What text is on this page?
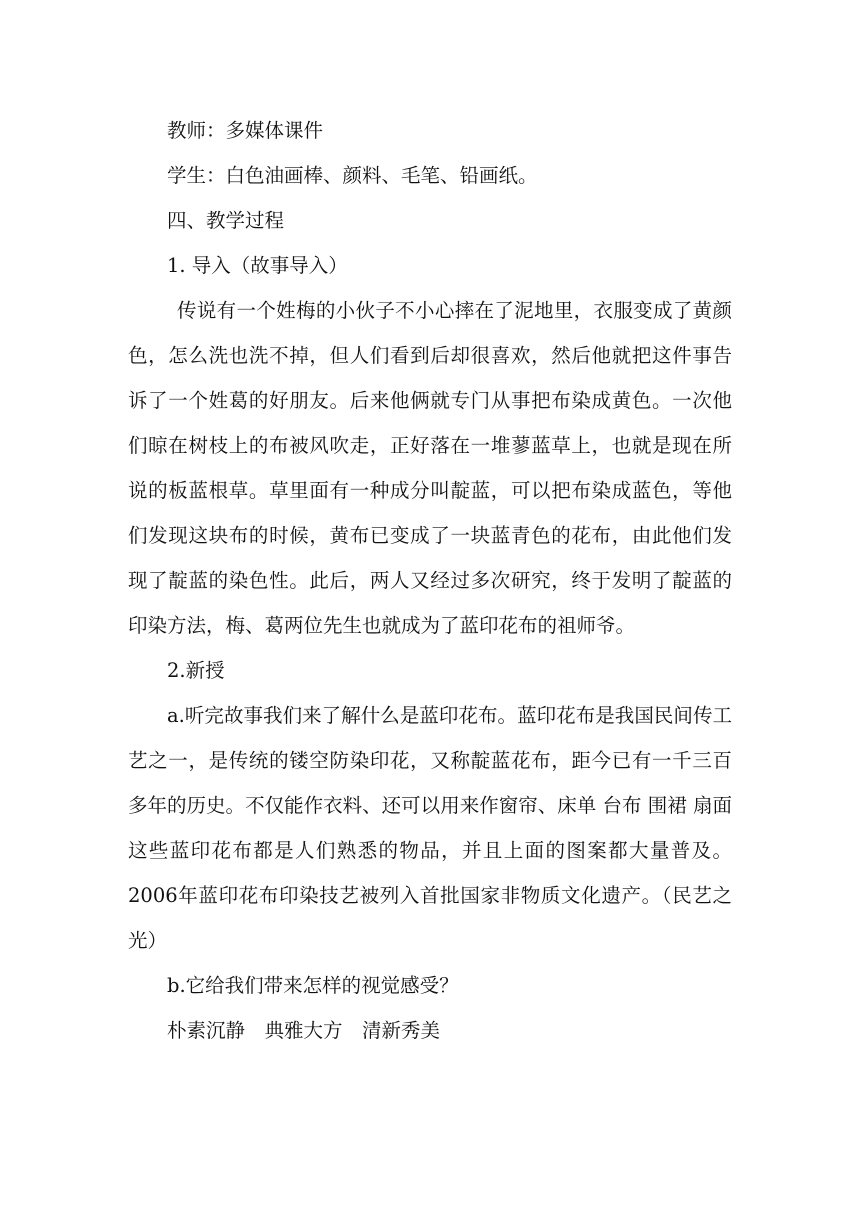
教师：多媒体课件
学生：白色油画棒、颜料、毛笔、铅画纸。
四、教学过程
1. 导入（故事导入）
传说有一个姓梅的小伙子不小心摔在了泥地里，衣服变成了黄颜色，怎么洗也洗不掉，但人们看到后却很喜欢，然后他就把这件事告诉了一个姓葛的好朋友。后来他俩就专门从事把布染成黄色。一次他们晾在树枝上的布被风吹走，正好落在一堆蓼蓝草上，也就是现在所说的板蓝根草。草里面有一种成分叫靛蓝，可以把布染成蓝色，等他们发现这块布的时候，黄布已变成了一块蓝青色的花布，由此他们发现了靛蓝的染色性。此后，两人又经过多次研究，终于发明了靛蓝的印染方法，梅、葛两位先生也就成为了蓝印花布的祖师爷。
2.新授
a.听完故事我们来了解什么是蓝印花布。蓝印花布是我国民间传工艺之一，是传统的镂空防染印花，又称靛蓝花布，距今已有一千三百多年的历史。不仅能作衣料、还可以用来作窗帘、床单 台布 围裙 扇面 这些蓝印花布都是人们熟悉的物品，并且上面的图案都大量普及。2006年蓝印花布印染技艺被列入首批国家非物质文化遗产。（民艺之光）
b.它给我们带来怎样的视觉感受？
朴素沉静　典雅大方　清新秀美
